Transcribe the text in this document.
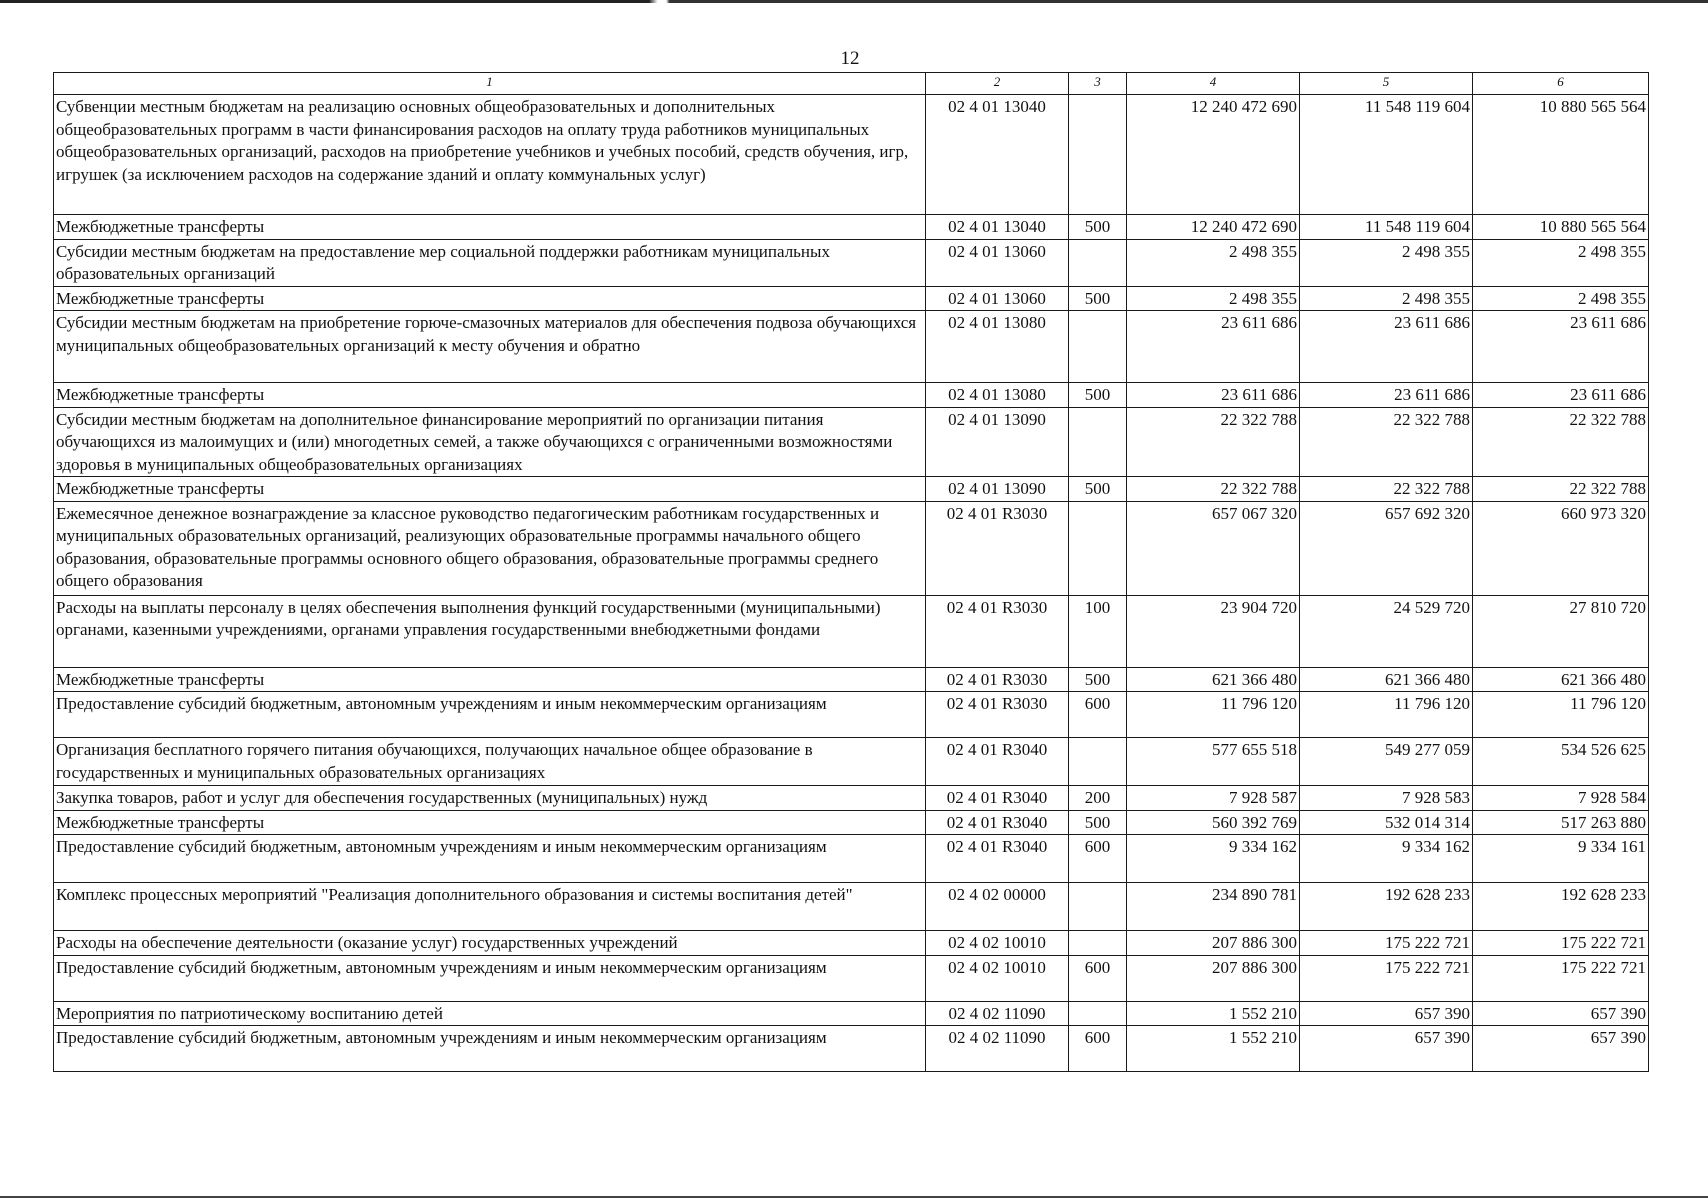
12
1	2	3	4	5	6
Субвенции местным бюджетам на реализацию основных общеобразовательных и дополнительных общеобразовательных программ в части финансирования расходов на оплату труда работников муниципальных общеобразовательных организаций, расходов на приобретение учебников и учебных пособий, средств обучения, игр, игрушек (за исключением расходов на содержание зданий и оплату коммунальных услуг)	02 4 01 13040		12 240 472 690	11 548 119 604	10 880 565 564
Межбюджетные трансферты	02 4 01 13040	500	12 240 472 690	11 548 119 604	10 880 565 564
Субсидии местным бюджетам на предоставление мер социальной поддержки работникам муниципальных образовательных организаций	02 4 01 13060		2 498 355	2 498 355	2 498 355
Межбюджетные трансферты	02 4 01 13060	500	2 498 355	2 498 355	2 498 355
Субсидии местным бюджетам на приобретение горюче-смазочных материалов для обеспечения подвоза обучающихся муниципальных общеобразовательных организаций к месту обучения и обратно	02 4 01 13080		23 611 686	23 611 686	23 611 686
Межбюджетные трансферты	02 4 01 13080	500	23 611 686	23 611 686	23 611 686
Субсидии местным бюджетам на дополнительное финансирование мероприятий по организации питания обучающихся из малоимущих и (или) многодетных семей, а также обучающихся с ограниченными возможностями здоровья в муниципальных общеобразовательных организациях	02 4 01 13090		22 322 788	22 322 788	22 322 788
Межбюджетные трансферты	02 4 01 13090	500	22 322 788	22 322 788	22 322 788
Ежемесячное денежное вознаграждение за классное руководство педагогическим работникам государственных и муниципальных образовательных организаций, реализующих образовательные программы начального общего образования, образовательные программы основного общего образования, образовательные программы среднего общего образования	02 4 01 R3030		657 067 320	657 692 320	660 973 320
Расходы на выплаты персоналу в целях обеспечения выполнения функций государственными (муниципальными) органами, казенными учреждениями, органами управления государственными внебюджетными фондами	02 4 01 R3030	100	23 904 720	24 529 720	27 810 720
Межбюджетные трансферты	02 4 01 R3030	500	621 366 480	621 366 480	621 366 480
Предоставление субсидий бюджетным, автономным учреждениям и иным некоммерческим организациям	02 4 01 R3030	600	11 796 120	11 796 120	11 796 120
Организация бесплатного горячего питания обучающихся, получающих начальное общее образование в государственных и муниципальных образовательных организациях	02 4 01 R3040		577 655 518	549 277 059	534 526 625
Закупка товаров, работ и услуг для обеспечения государственных (муниципальных) нужд	02 4 01 R3040	200	7 928 587	7 928 583	7 928 584
Межбюджетные трансферты	02 4 01 R3040	500	560 392 769	532 014 314	517 263 880
Предоставление субсидий бюджетным, автономным учреждениям и иным некоммерческим организациям	02 4 01 R3040	600	9 334 162	9 334 162	9 334 161
Комплекс процессных мероприятий "Реализация дополнительного образования и системы воспитания детей"	02 4 02 00000		234 890 781	192 628 233	192 628 233
Расходы на обеспечение деятельности (оказание услуг) государственных учреждений	02 4 02 10010		207 886 300	175 222 721	175 222 721
Предоставление субсидий бюджетным, автономным учреждениям и иным некоммерческим организациям	02 4 02 10010	600	207 886 300	175 222 721	175 222 721
Мероприятия по патриотическому воспитанию детей	02 4 02 11090		1 552 210	657 390	657 390
Предоставление субсидий бюджетным, автономным учреждениям и иным некоммерческим организациям	02 4 02 11090	600	1 552 210	657 390	657 390
